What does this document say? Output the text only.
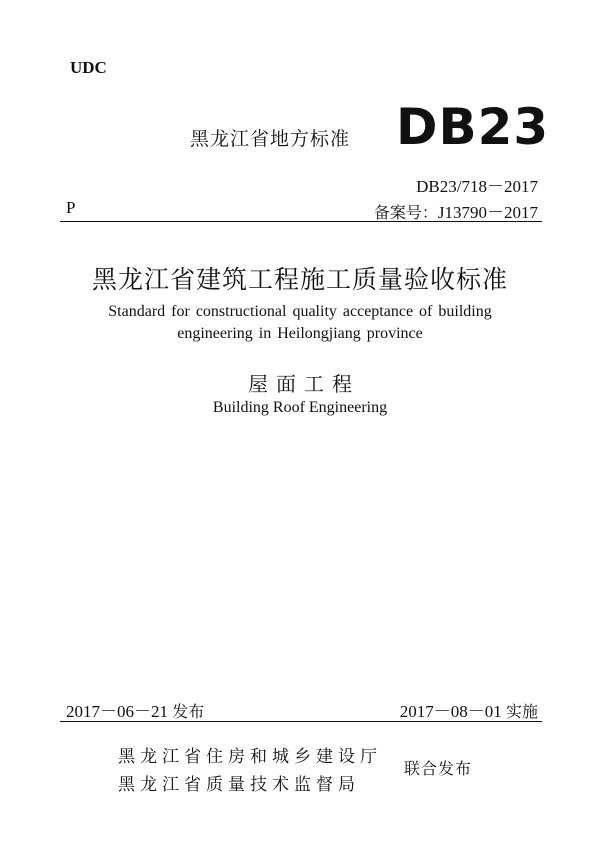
UDC
黑龙江省地方标准 DB23
DB23/718－2017
P	备案号：J13790－2017
黑龙江省建筑工程施工质量验收标准
Standard for constructional quality acceptance of building
engineering in Heilongjiang province
屋面工程
Building Roof Engineering
2017－06－21 发布	2017－08－01 实施
黑龙江省住房和城乡建设厅
黑龙江省质量技术监督局
联合发布
